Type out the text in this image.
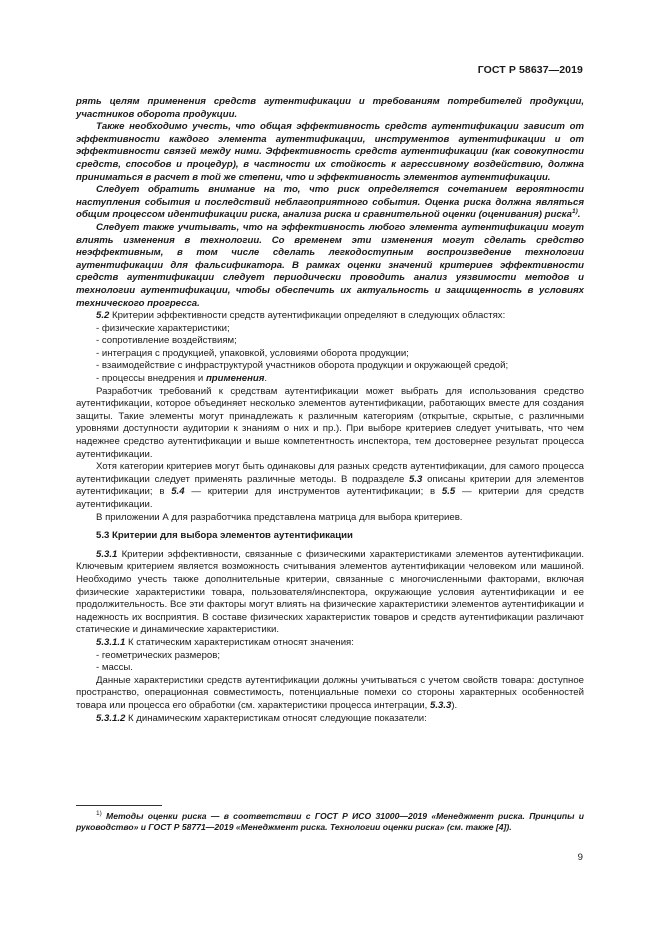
ГОСТ Р 58637—2019

рять целям применения средств аутентификации и требованиям потребителей продукции, участников оборота продукции.

Также необходимо учесть, что общая эффективность средств аутентификации зависит от эффективности каждого элемента аутентификации, инструментов аутентификации и от эффективности связей между ними. Эффективность средств аутентификации (как совокупности средств, способов и процедур), в частности их стойкость к агрессивному воздействию, должна приниматься в расчет в той же степени, что и эффективность элементов аутентификации.

Следует обратить внимание на то, что риск определяется сочетанием вероятности наступления события и последствий неблагоприятного события. Оценка риска должна являться общим процессом идентификации риска, анализа риска и сравнительной оценки (оценивания) риска$^{1)}$.

Следует также учитывать, что на эффективность любого элемента аутентификации могут влиять изменения в технологии. Со временем эти изменения могут сделать средство неэффективным, в том числе сделать легкодоступным воспроизведение технологии аутентификации для фальсификатора. В рамках оценки значений критериев эффективности средств аутентификации следует периодически проводить анализ уязвимости методов и технологии аутентификации, чтобы обеспечить их актуальность и защищенность в условиях технического прогресса.

5.2 Критерии эффективности средств аутентификации определяют в следующих областях:

- физические характеристики;

- сопротивление воздействиям;

- интеграция с продукцией, упаковкой, условиями оборота продукции;

- взаимодействие с инфраструктурой участников оборота продукции и окружающей средой;

- процессы внедрения и применения.

Разработчик требований к средствам аутентификации может выбрать для использования средство аутентификации, которое объединяет несколько элементов аутентификации, работающих вместе для создания защиты. Такие элементы могут принадлежать к различным категориям (открытые, скрытые, с различными уровнями доступности аудитории к знаниям о них и пр.). При выборе критериев следует учитывать, что чем надежнее средство аутентификации и выше компетентность инспектора, тем достовернее результат процесса аутентификации.

Хотя категории критериев могут быть одинаковы для разных средств аутентификации, для самого процесса аутентификации следует применять различные методы. В подразделе 5.3 описаны критерии для элементов аутентификации; в 5.4 — критерии для инструментов аутентификации; в 5.5 — критерии для средств аутентификации.

В приложении А для разработчика представлена матрица для выбора критериев.

5.3 Критерии для выбора элементов аутентификации

5.3.1 Критерии эффективности, связанные с физическими характеристиками элементов аутентификации. Ключевым критерием является возможность считывания элементов аутентификации человеком или машиной. Необходимо учесть также дополнительные критерии, связанные с многочисленными факторами, включая физические характеристики товара, пользователя/инспектора, окружающие условия аутентификации и ее продолжительность. Все эти факторы могут влиять на физические характеристики элементов аутентификации и надежность их восприятия. В составе физических характеристик товаров и средств аутентификации различают статические и динамические характеристики.

5.3.1.1 К статическим характеристикам относят значения:

- геометрических размеров;

- массы.

Данные характеристики средств аутентификации должны учитываться с учетом свойств товара: доступное пространство, операционная совместимость, потенциальные помехи со стороны характерных особенностей товара или процесса его обработки (см. характеристики процесса интеграции, 5.3.3).

5.3.1.2 К динамическим характеристикам относят следующие показатели:

$^{1)}$ Методы оценки риска — в соответствии с ГОСТ Р ИСО 31000—2019 «Менеджмент риска. Принципы и руководство» и ГОСТ Р 58771—2019 «Менеджмент риска. Технологии оценки риска» (см. также [4]).
9
